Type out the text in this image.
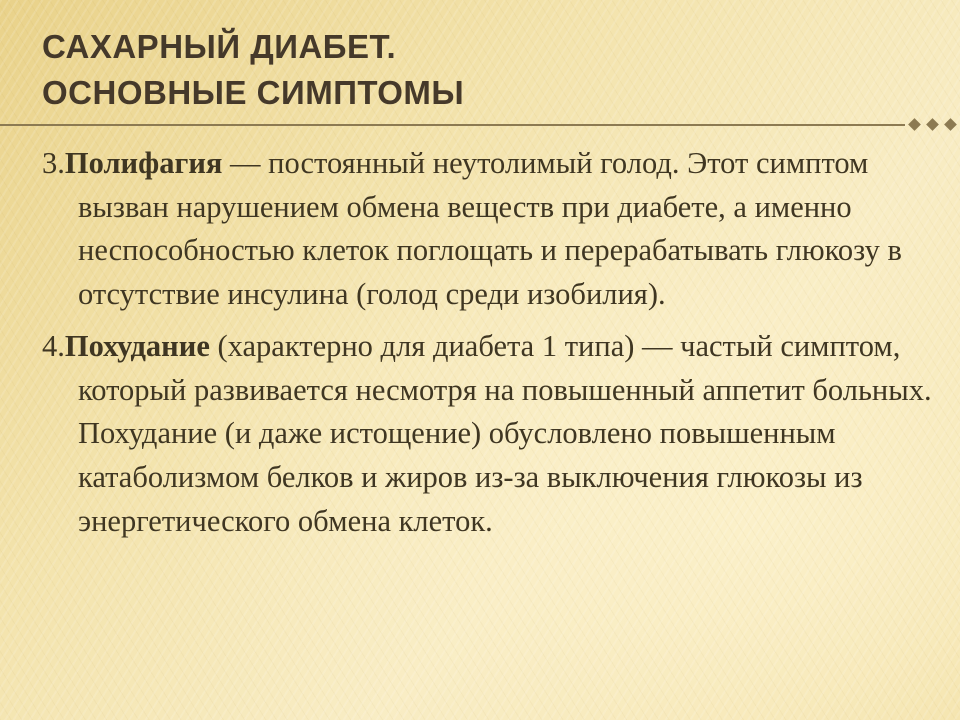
САХАРНЫЙ ДИАБЕТ.
ОСНОВНЫЕ СИМПТОМЫ

3.Полифагия — постоянный неутолимый голод. Этот симптом вызван нарушением обмена веществ при диабете, а именно неспособностью клеток поглощать и перерабатывать глюкозу в отсутствие инсулина (голод среди изобилия).

4.Похудание (характерно для диабета 1 типа) — частый симптом, который развивается несмотря на повышенный аппетит больных. Похудание (и даже истощение) обусловлено повышенным катаболизмом белков и жиров из-за выключения глюкозы из энергетического обмена клеток.
